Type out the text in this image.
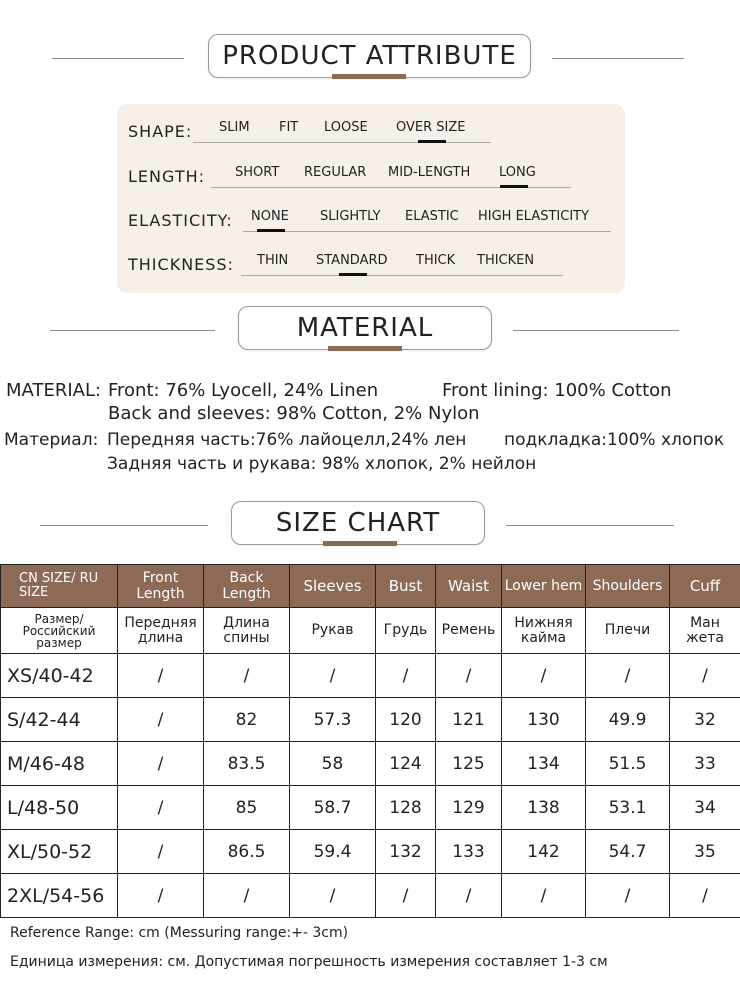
PRODUCT ATTRIBUTE
SHAPE: SLIM FIT LOOSE OVER SIZE
LENGTH: SHORT REGULAR MID-LENGTH LONG
ELASTICITY: NONE SLIGHTLY ELASTIC HIGH ELASTICITY
THICKNESS: THIN STANDARD THICK THICKEN
MATERIAL
MATERIAL: Front: 76% Lyocell, 24% Linen	Front lining: 100% Cotton
Back and sleeves: 98% Cotton, 2% Nylon
Материал: Передняя часть:76% лайоцелл,24% лен подкладка:100% хлопок
Задняя часть и рукава: 98% хлопок, 2% нейлон
SIZE CHART
CN SIZE/ RU SIZE	Front Length	Back Length	Sleeves	Bust	Waist	Lower hem	Shoulders	Cuff
Размер/ Российский размер	Передняя длина	Длина спины	Рукав	Грудь	Ремень	Нижняя кайма	Плечи	Ман жета
XS/40-42	/	/	/	/	/	/	/	/
S/42-44	/	82	57.3	120	121	130	49.9	32
M/46-48	/	83.5	58	124	125	134	51.5	33
L/48-50	/	85	58.7	128	129	138	53.1	34
XL/50-52	/	86.5	59.4	132	133	142	54.7	35
2XL/54-56	/	/	/	/	/	/	/	/
Reference Range: cm (Messuring range:+- 3cm)
Единица измерения: см. Допустимая погрешность измерения составляет 1-3 см
